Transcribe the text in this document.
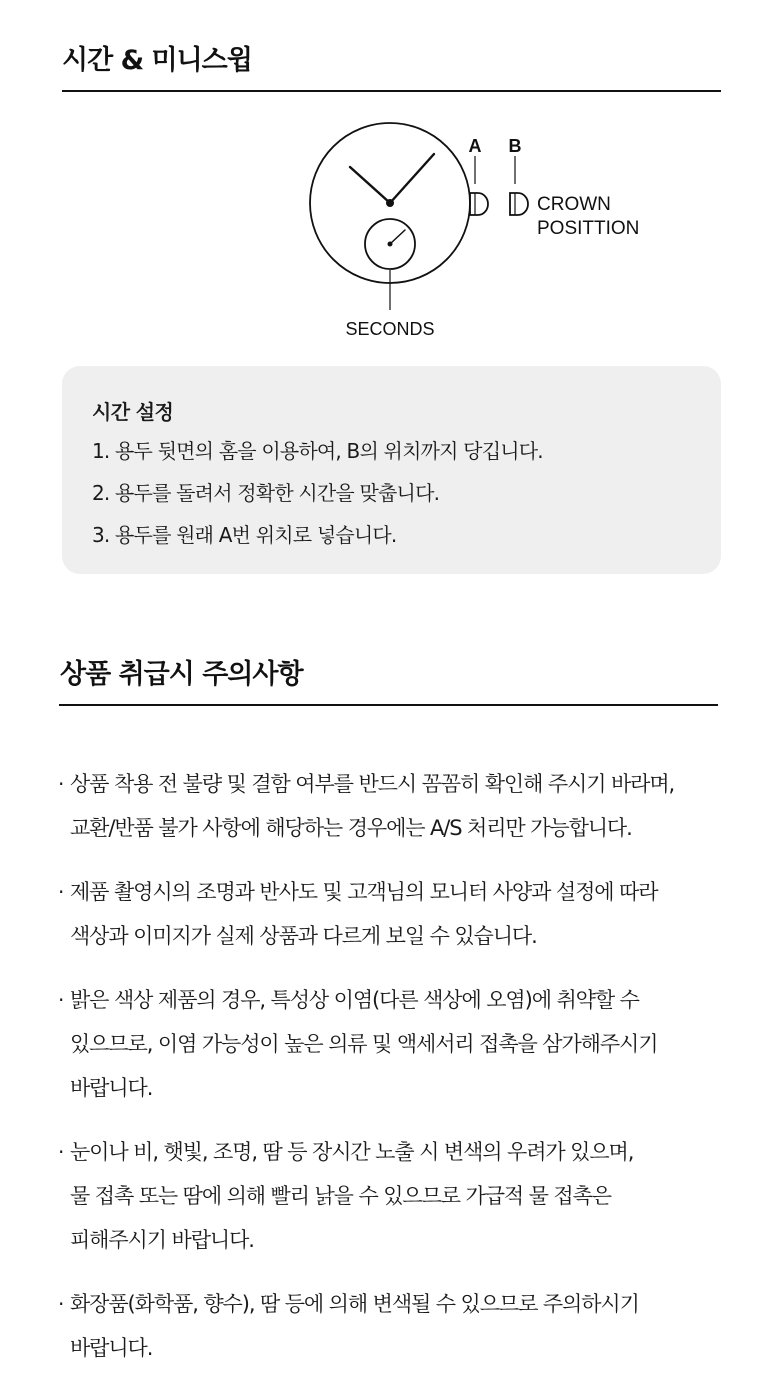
시간 & 미니스윕
SECONDS
A B
CROWN
POSITTION
시간 설정
1. 용두 뒷면의 홈을 이용하여, B의 위치까지 당깁니다.
2. 용두를 돌려서 정확한 시간을 맞춥니다.
3. 용두를 원래 A번 위치로 넣습니다.
상품 취급시 주의사항
· 상품 착용 전 불량 및 결함 여부를 반드시 꼼꼼히 확인해 주시기 바라며,
교환/반품 불가 사항에 해당하는 경우에는 A/S 처리만 가능합니다.
· 제품 촬영시의 조명과 반사도 및 고객님의 모니터 사양과 설정에 따라
색상과 이미지가 실제 상품과 다르게 보일 수 있습니다.
· 밝은 색상 제품의 경우, 특성상 이염(다른 색상에 오염)에 취약할 수
있으므로, 이염 가능성이 높은 의류 및 액세서리 접촉을 삼가해주시기
바랍니다.
· 눈이나 비, 햇빛, 조명, 땀 등 장시간 노출 시 변색의 우려가 있으며,
물 접촉 또는 땀에 의해 빨리 낡을 수 있으므로 가급적 물 접촉은
피해주시기 바랍니다.
· 화장품(화학품, 향수), 땀 등에 의해 변색될 수 있으므로 주의하시기
바랍니다.
